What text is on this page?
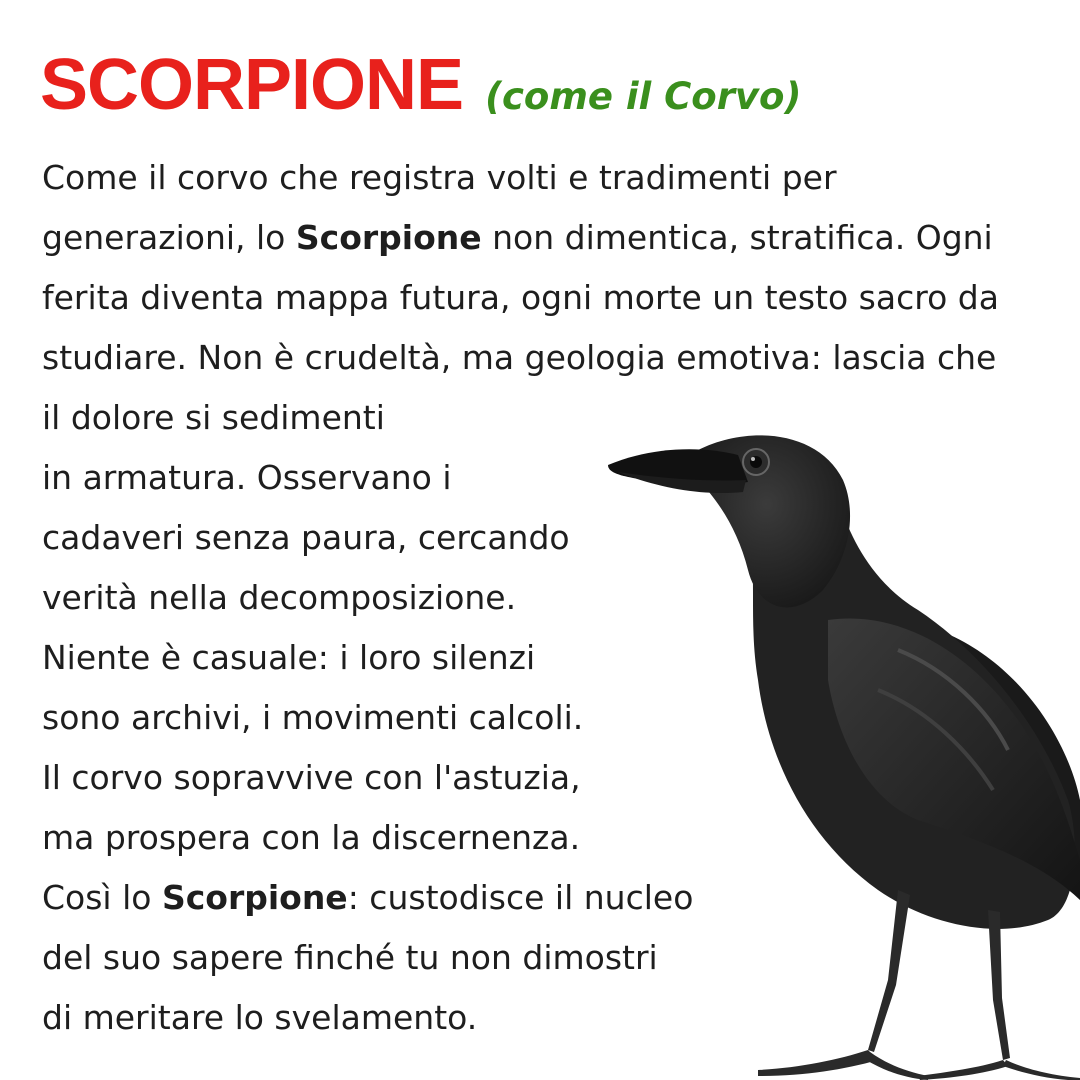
SCORPIONE (come il Corvo)
Come il corvo che registra volti e tradimenti per
generazioni, lo Scorpione non dimentica, stratifica. Ogni
ferita diventa mappa futura, ogni morte un testo sacro da
studiare. Non è crudeltà, ma geologia emotiva: lascia che
il dolore si sedimenti
in armatura. Osservano i
cadaveri senza paura, cercando
verità nella decomposizione.
Niente è casuale: i loro silenzi
sono archivi, i movimenti calcoli.
Il corvo sopravvive con l'astuzia,
ma prospera con la discernenza.
Così lo Scorpione: custodisce il nucleo
del suo sapere finché tu non dimostri
di meritare lo svelamento.
